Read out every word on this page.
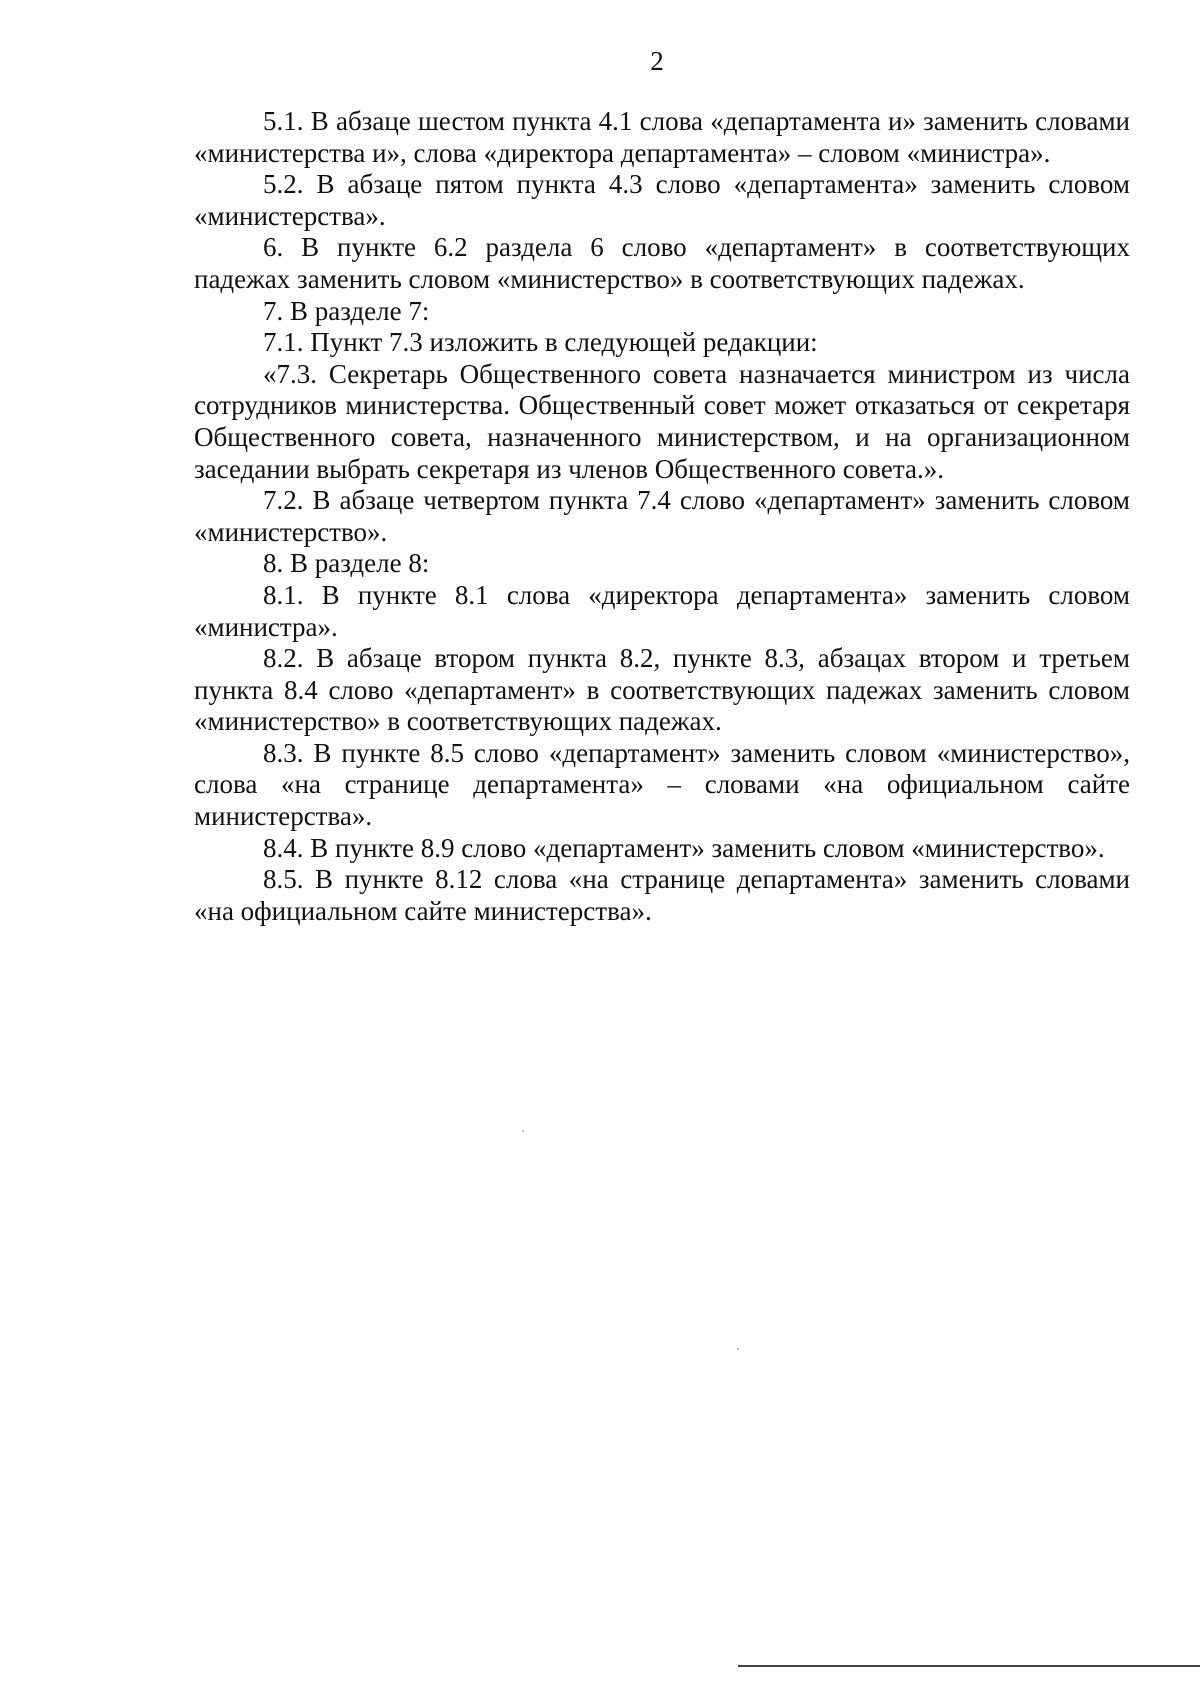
2

5.1. В абзаце шестом пункта 4.1 слова «департамента и» заменить словами «министерства и», слова «директора департамента» – словом «министра».

5.2. В абзаце пятом пункта 4.3 слово «департамента» заменить словом «министерства».

6. В пункте 6.2 раздела 6 слово «департамент» в соответствующих падежах заменить словом «министерство» в соответствующих падежах.

7. В разделе 7:

7.1. Пункт 7.3 изложить в следующей редакции:

«7.3. Секретарь Общественного совета назначается министром из числа сотрудников министерства. Общественный совет может отказаться от секретаря Общественного совета, назначенного министерством, и на организационном заседании выбрать секретаря из членов Общественного совета.».

7.2. В абзаце четвертом пункта 7.4 слово «департамент» заменить словом «министерство».

8. В разделе 8:

8.1. В пункте 8.1 слова «директора департамента» заменить словом «министра».

8.2. В абзаце втором пункта 8.2, пункте 8.3, абзацах втором и третьем пункта 8.4 слово «департамент» в соответствующих падежах заменить словом «министерство» в соответствующих падежах.

8.3. В пункте 8.5 слово «департамент» заменить словом «министерство», слова «на странице департамента» – словами «на официальном сайте министерства».

8.4. В пункте 8.9 слово «департамент» заменить словом «министерство».

8.5. В пункте 8.12 слова «на странице департамента» заменить словами «на официальном сайте министерства».
